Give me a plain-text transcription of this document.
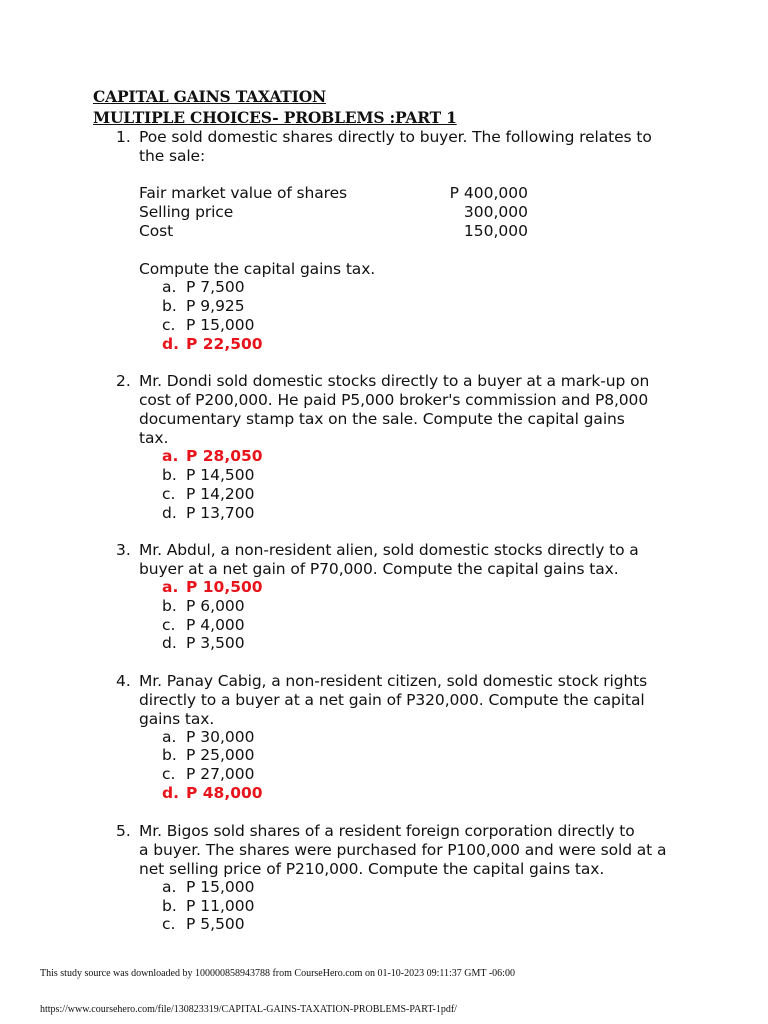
CAPITAL GAINS TAXATION
MULTIPLE CHOICES- PROBLEMS :PART 1
1. Poe sold domestic shares directly to buyer. The following relates to
the sale:
Fair market value of shares	P 400,000
Selling price	300,000
Cost	150,000
Compute the capital gains tax.
a. P 7,500
b. P 9,925
c. P 15,000
d. P 22,500
2. Mr. Dondi sold domestic stocks directly to a buyer at a mark-up on
cost of P200,000. He paid P5,000 broker's commission and P8,000
documentary stamp tax on the sale. Compute the capital gains
tax.
a. P 28,050
b. P 14,500
c. P 14,200
d. P 13,700
3. Mr. Abdul, a non-resident alien, sold domestic stocks directly to a
buyer at a net gain of P70,000. Compute the capital gains tax.
a. P 10,500
b. P 6,000
c. P 4,000
d. P 3,500
4. Mr. Panay Cabig, a non-resident citizen, sold domestic stock rights
directly to a buyer at a net gain of P320,000. Compute the capital
gains tax.
a. P 30,000
b. P 25,000
c. P 27,000
d. P 48,000
5. Mr. Bigos sold shares of a resident foreign corporation directly to
a buyer. The shares were purchased for P100,000 and were sold at a
net selling price of P210,000. Compute the capital gains tax.
a. P 15,000
b. P 11,000
c. P 5,500
This study source was downloaded by 100000858943788 from CourseHero.com on 01-10-2023 09:11:37 GMT -06:00
https://www.coursehero.com/file/130823319/CAPITAL-GAINS-TAXATION-PROBLEMS-PART-1pdf/
